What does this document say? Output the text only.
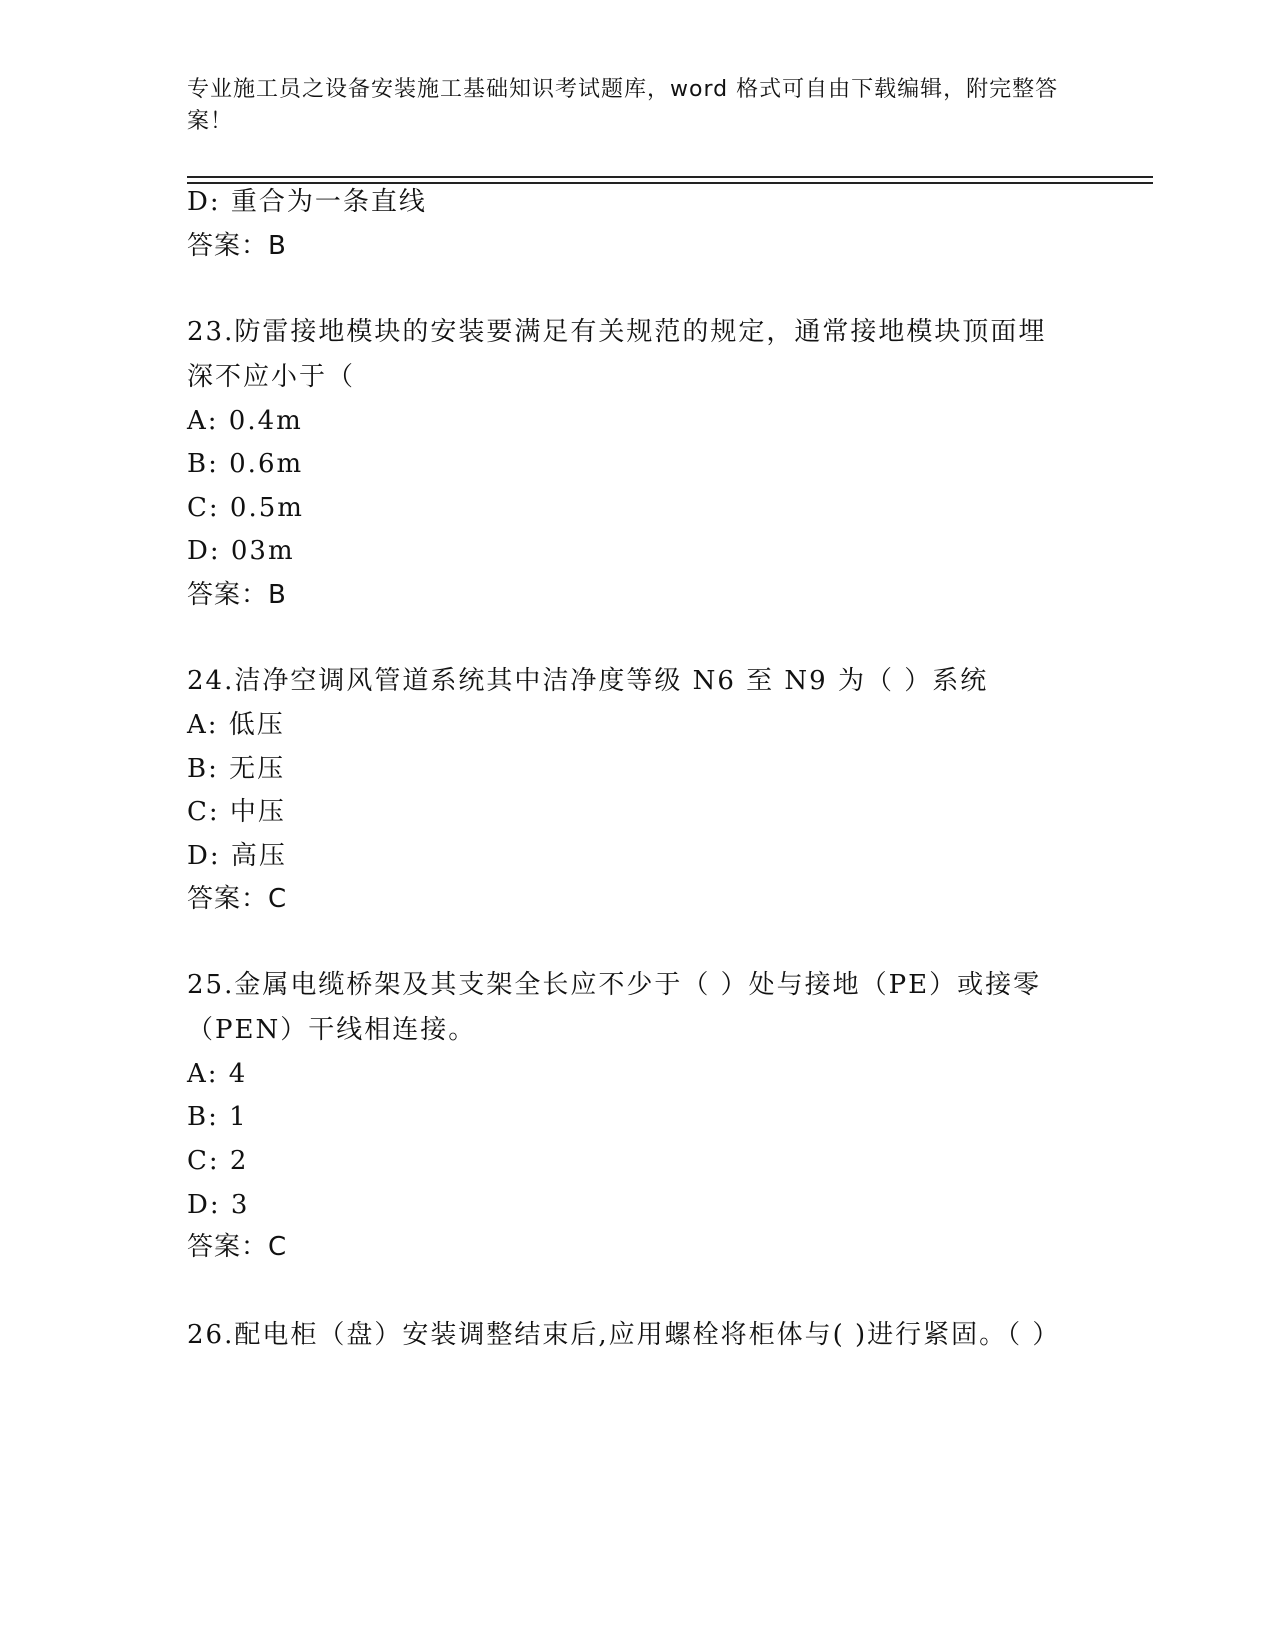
专业施工员之设备安装施工基础知识考试题库，word 格式可自由下载编辑，附完整答案！
D: 重合为一条直线
答案：B
23.防雷接地模块的安装要满足有关规范的规定，通常接地模块顶面埋深不应小于（
A: 0.4m
B: 0.6m
C: 0.5m
D: 03m
答案：B
24.洁净空调风管道系统其中洁净度等级 N6 至 N9 为（ ）系统
A: 低压
B: 无压
C: 中压
D: 高压
答案：C
25.金属电缆桥架及其支架全长应不少于（ ）处与接地（PE）或接零（PEN）干线相连接。
A: 4
B: 1
C: 2
D: 3
答案：C
26.配电柜（盘）安装调整结束后,应用螺栓将柜体与( )进行紧固。（ ）
